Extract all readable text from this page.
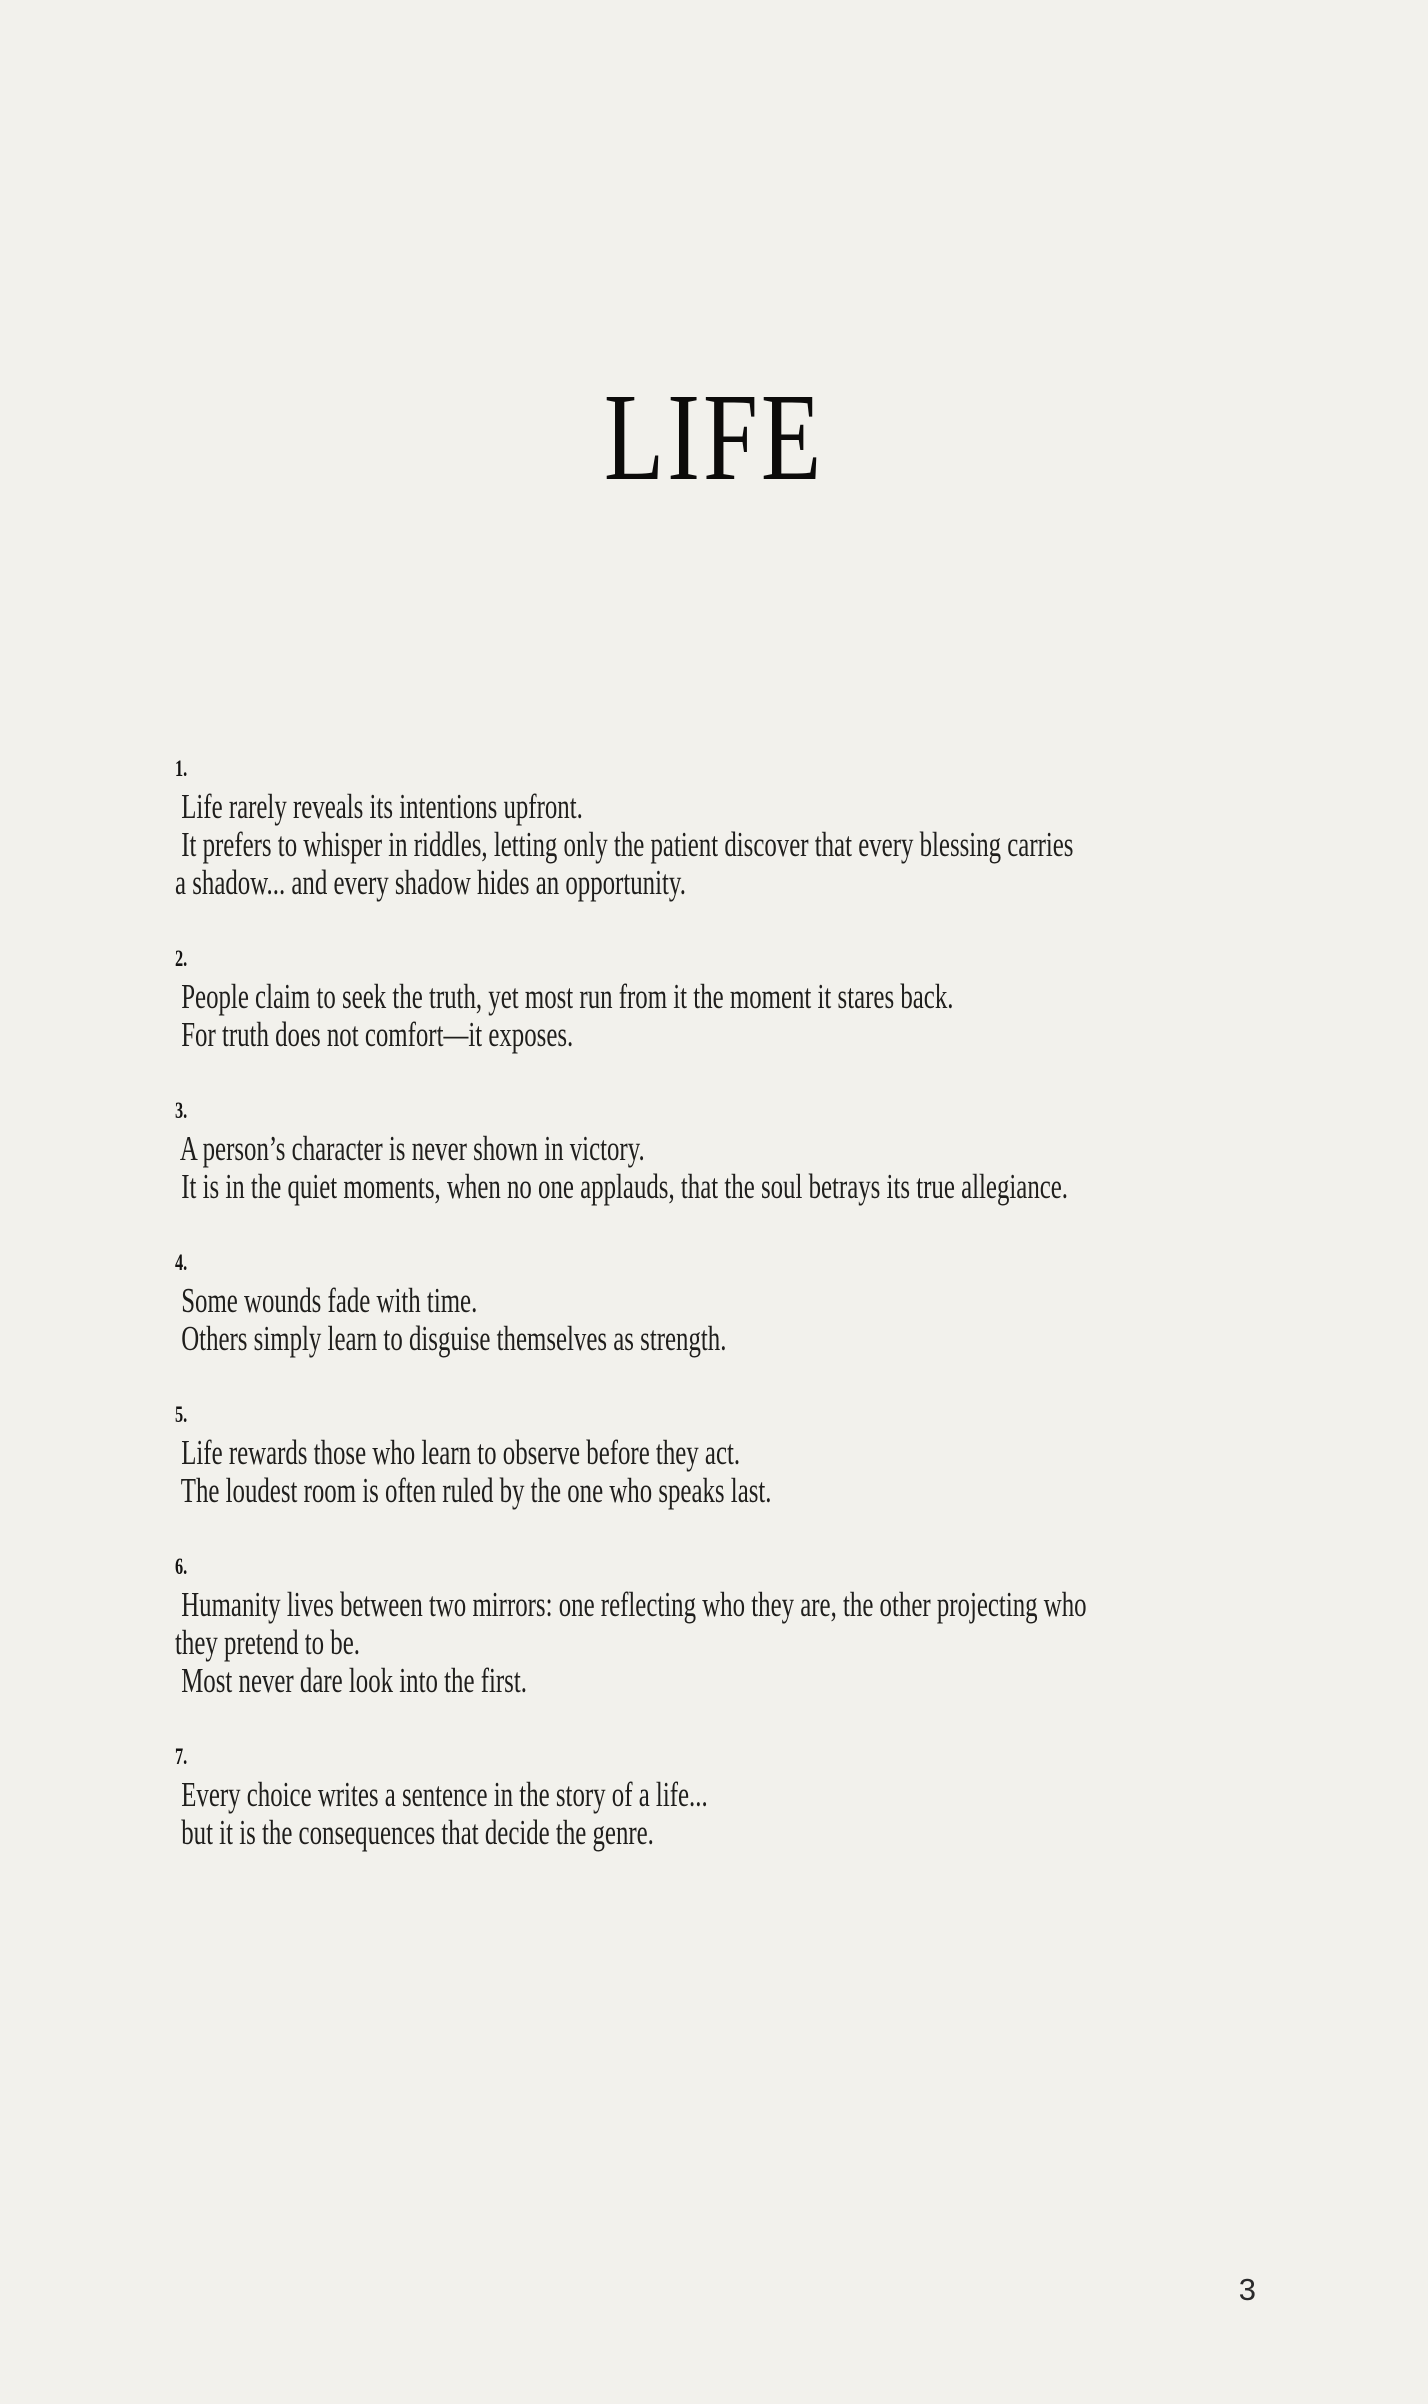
LIFE
1.
Life rarely reveals its intentions upfront.
It prefers to whisper in riddles, letting only the patient discover that every blessing carries
a shadow... and every shadow hides an opportunity.
2.
People claim to seek the truth, yet most run from it the moment it stares back.
For truth does not comfort—it exposes.
3.
A person’s character is never shown in victory.
It is in the quiet moments, when no one applauds, that the soul betrays its true allegiance.
4.
Some wounds fade with time.
Others simply learn to disguise themselves as strength.
5.
Life rewards those who learn to observe before they act.
The loudest room is often ruled by the one who speaks last.
6.
Humanity lives between two mirrors: one reflecting who they are, the other projecting who
they pretend to be.
Most never dare look into the first.
7.
Every choice writes a sentence in the story of a life...
but it is the consequences that decide the genre.
3
